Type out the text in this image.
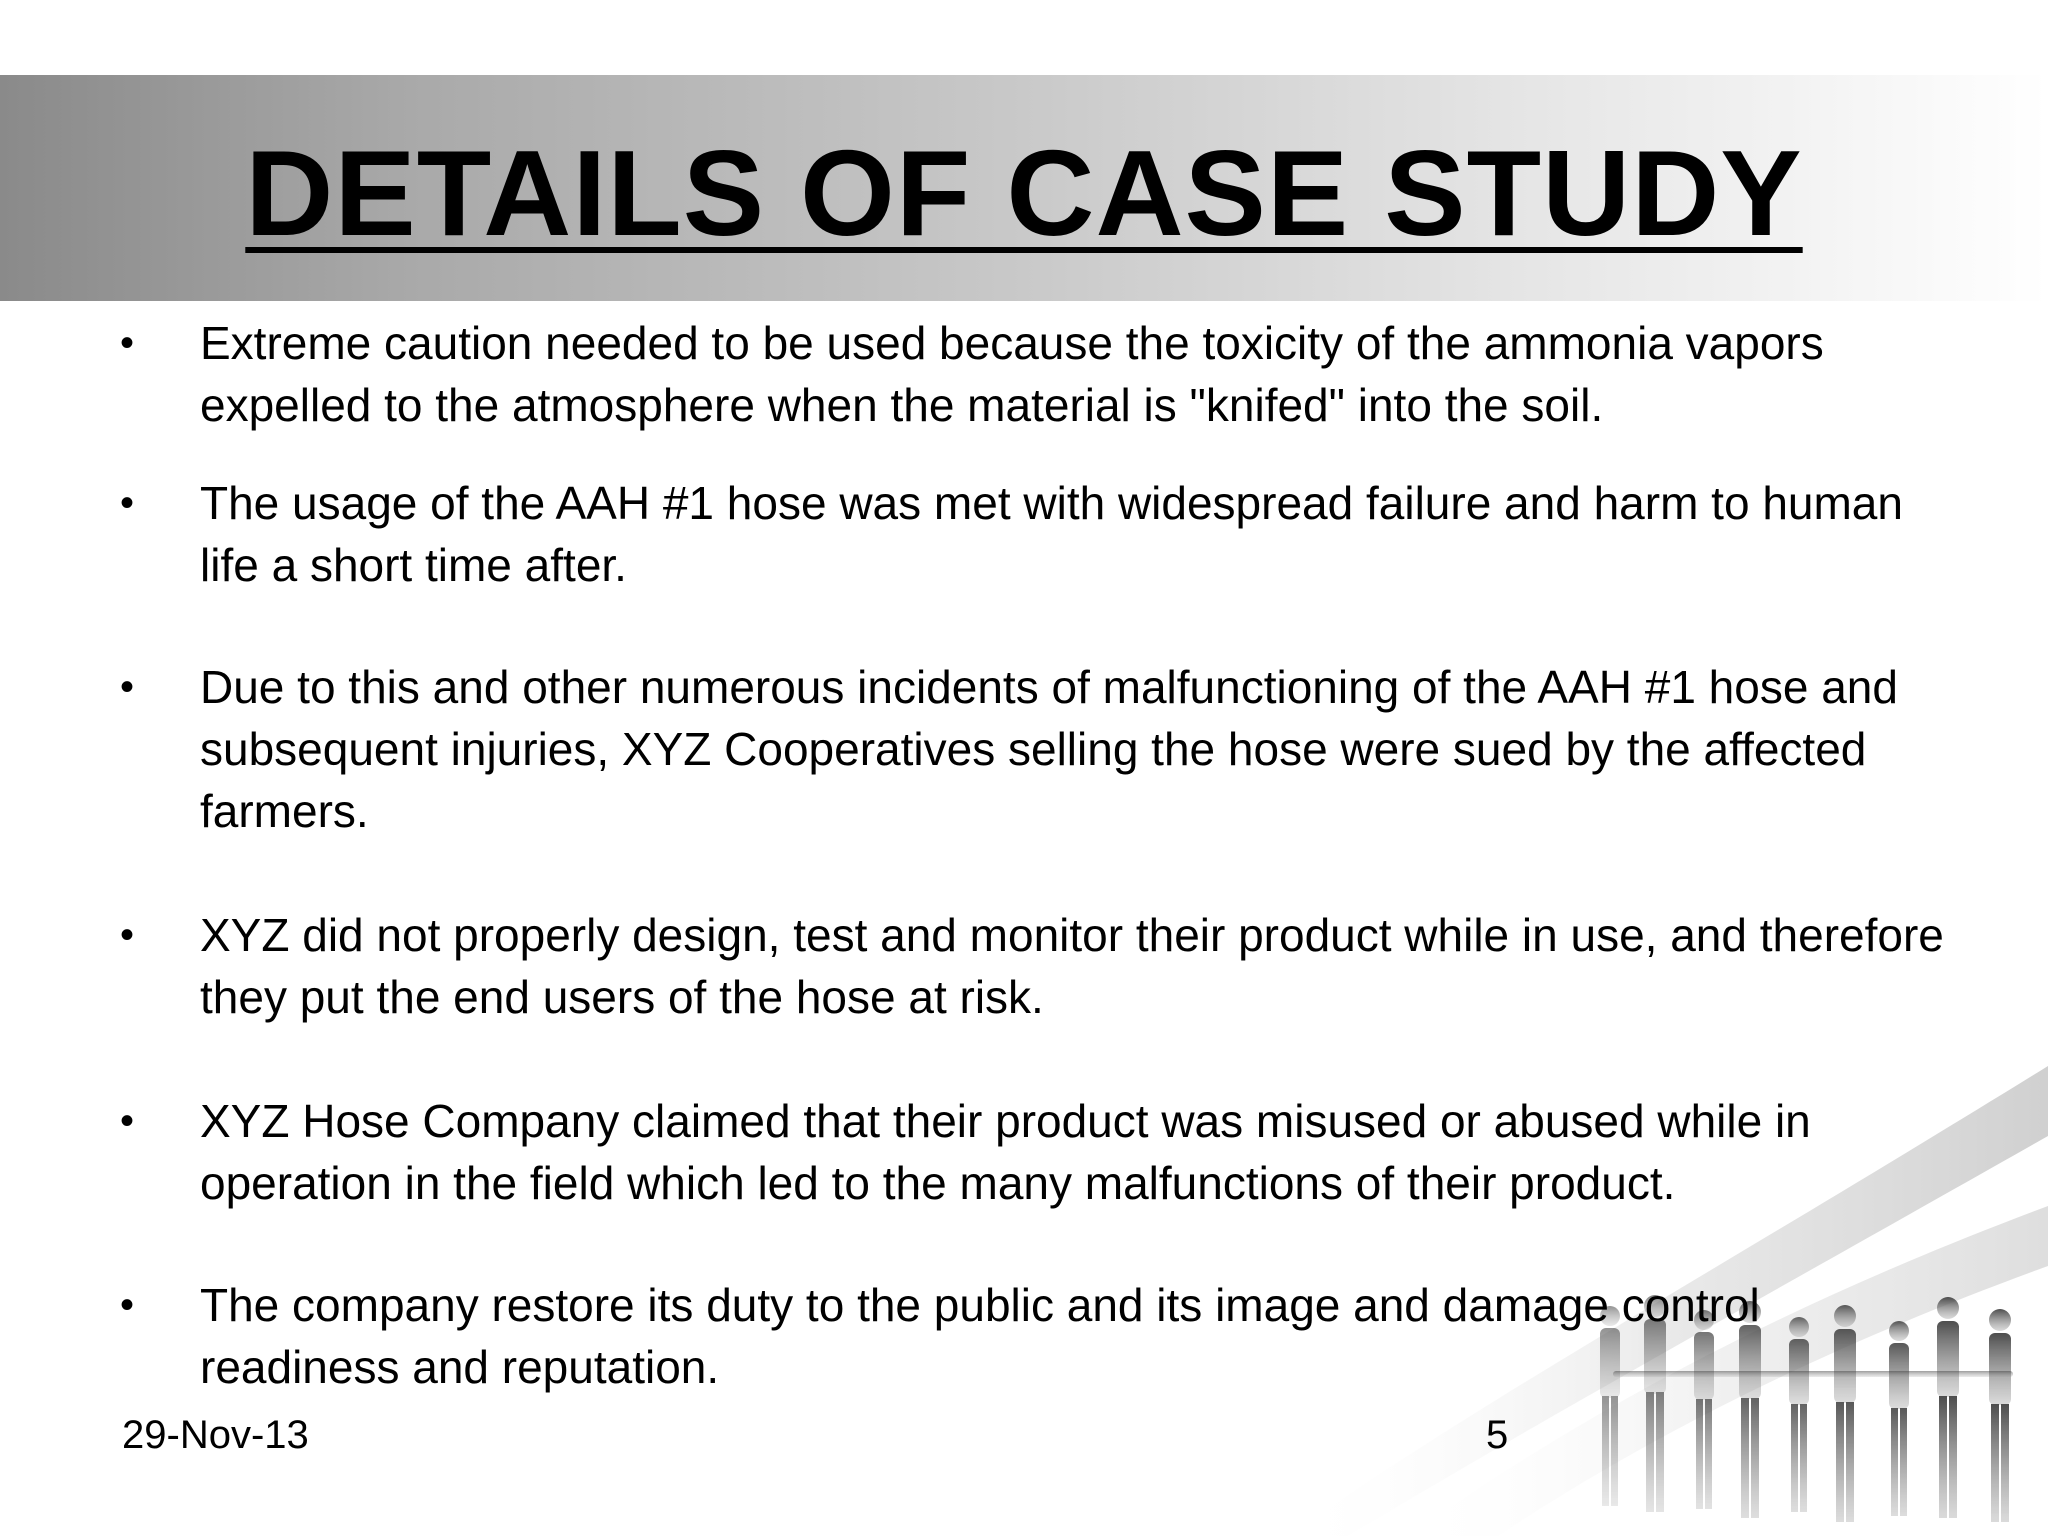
DETAILS OF CASE STUDY
•	Extreme caution needed to be used because the toxicity of the ammonia vapors expelled to the atmosphere when the material is "knifed" into the soil.
•	The usage of the AAH #1 hose was met with widespread failure and harm to human life a short time after.
•	Due to this and other numerous incidents of malfunctioning of the AAH #1 hose and subsequent injuries, XYZ Cooperatives selling the hose were sued by the affected farmers.
•	XYZ did not properly design, test and monitor their product while in use, and therefore they put the end users of the hose at risk.
•	XYZ Hose Company claimed that their product was misused or abused while in operation in the field which led to the many malfunctions of their product.
•	The company restore its duty to the public and its image and damage control readiness and reputation.
29-Nov-13	5
